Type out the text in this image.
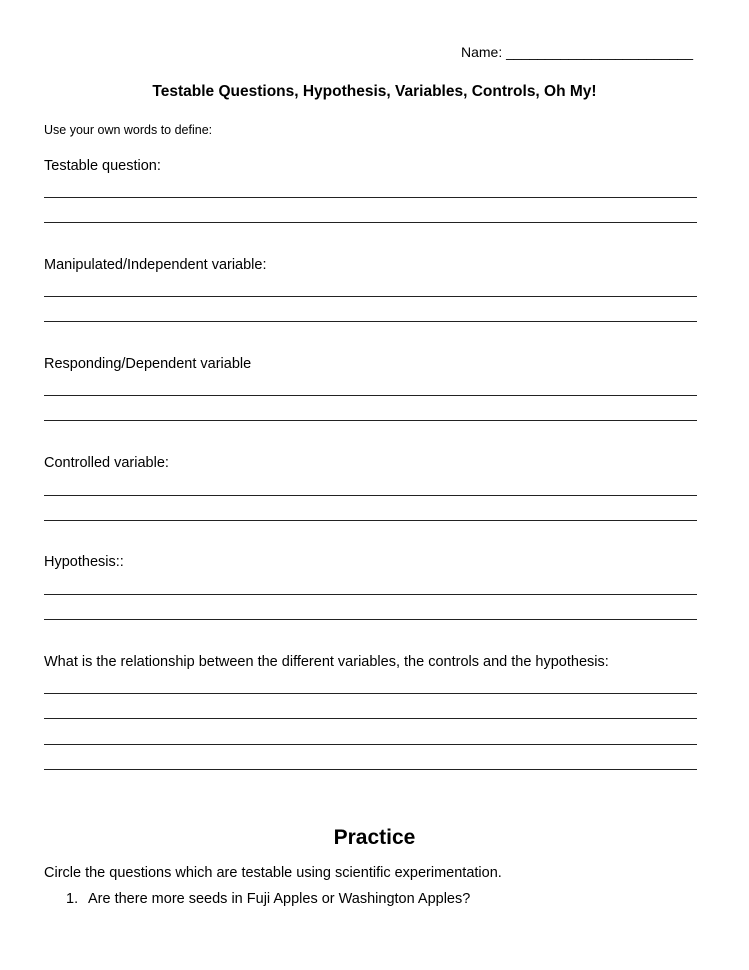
Name: ________________________
Testable Questions, Hypothesis, Variables, Controls, Oh My!
Use your own words to define:
Testable question:
Manipulated/Independent variable:
Responding/Dependent variable
Controlled variable:
Hypothesis::
What is the relationship between the different variables, the controls and the hypothesis:
Practice
Circle the questions which are testable using scientific experimentation.
1. Are there more seeds in Fuji Apples or Washington Apples?
